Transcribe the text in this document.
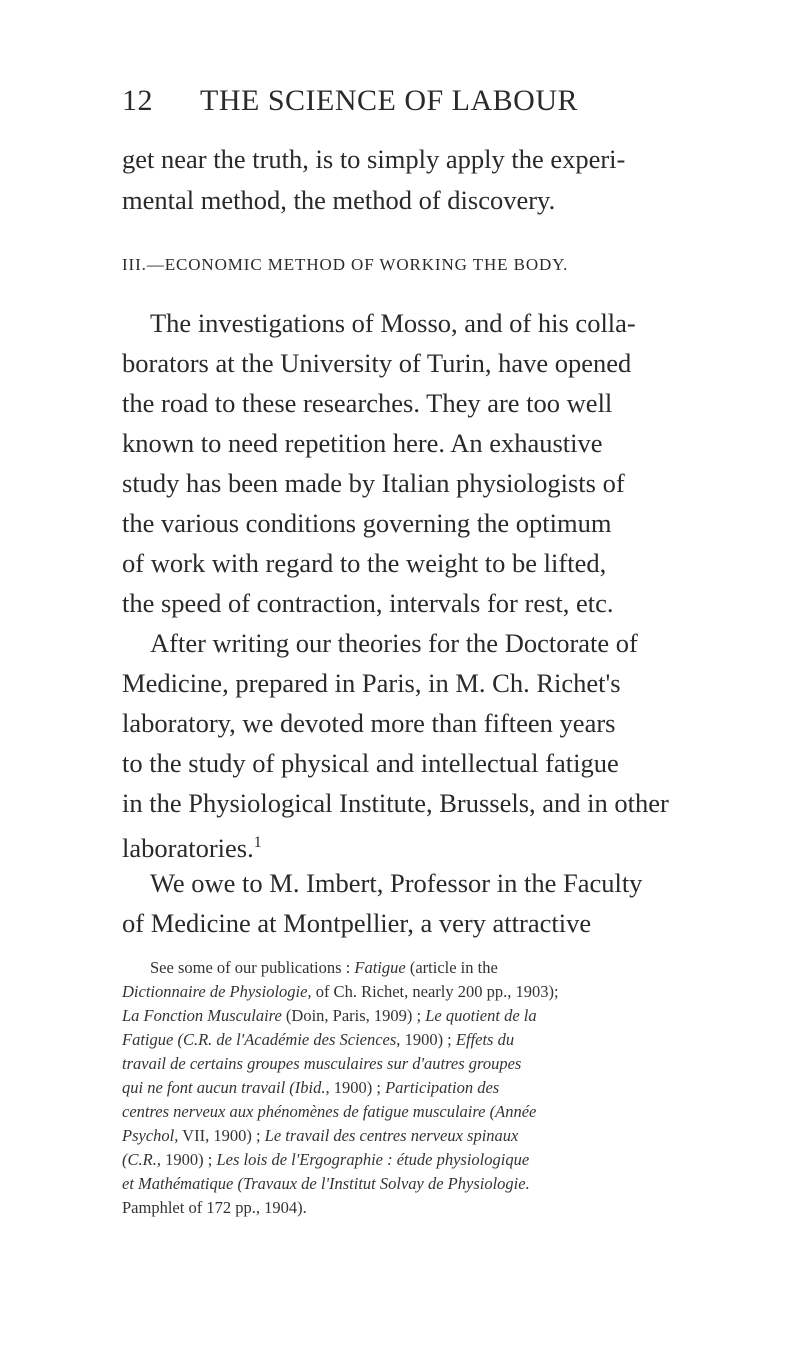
12 THE SCIENCE OF LABOUR
get near the truth, is to simply apply the experi-
mental method, the method of discovery.
III.—ECONOMIC METHOD OF WORKING THE BODY.
The investigations of Mosso, and of his colla-
borators at the University of Turin, have opened
the road to these researches. They are too well
known to need repetition here. An exhaustive
study has been made by Italian physiologists of
the various conditions governing the optimum
of work with regard to the weight to be lifted,
the speed of contraction, intervals for rest, etc.
After writing our theories for the Doctorate of
Medicine, prepared in Paris, in M. Ch. Richet's
laboratory, we devoted more than fifteen years
to the study of physical and intellectual fatigue
in the Physiological Institute, Brussels, and in other
laboratories.$^1$
We owe to M. Imbert, Professor in the Faculty
of Medicine at Montpellier, a very attractive
See some of our publications : Fatigue (article in the
Dictionnaire de Physiologie, of Ch. Richet, nearly 200 pp., 1903);
La Fonction Musculaire (Doin, Paris, 1909) ; Le quotient de la
Fatigue (C.R. de l'Académie des Sciences, 1900) ; Effets du
travail de certains groupes musculaires sur d'autres groupes
qui ne font aucun travail (Ibid., 1900) ; Participation des
centres nerveux aux phénomènes de fatigue musculaire (Année
Psychol, VII, 1900) ; Le travail des centres nerveux spinaux
(C.R., 1900) ; Les lois de l'Ergographie : étude physiologique
et Mathématique (Travaux de l'Institut Solvay de Physiologie.
Pamphlet of 172 pp., 1904).
